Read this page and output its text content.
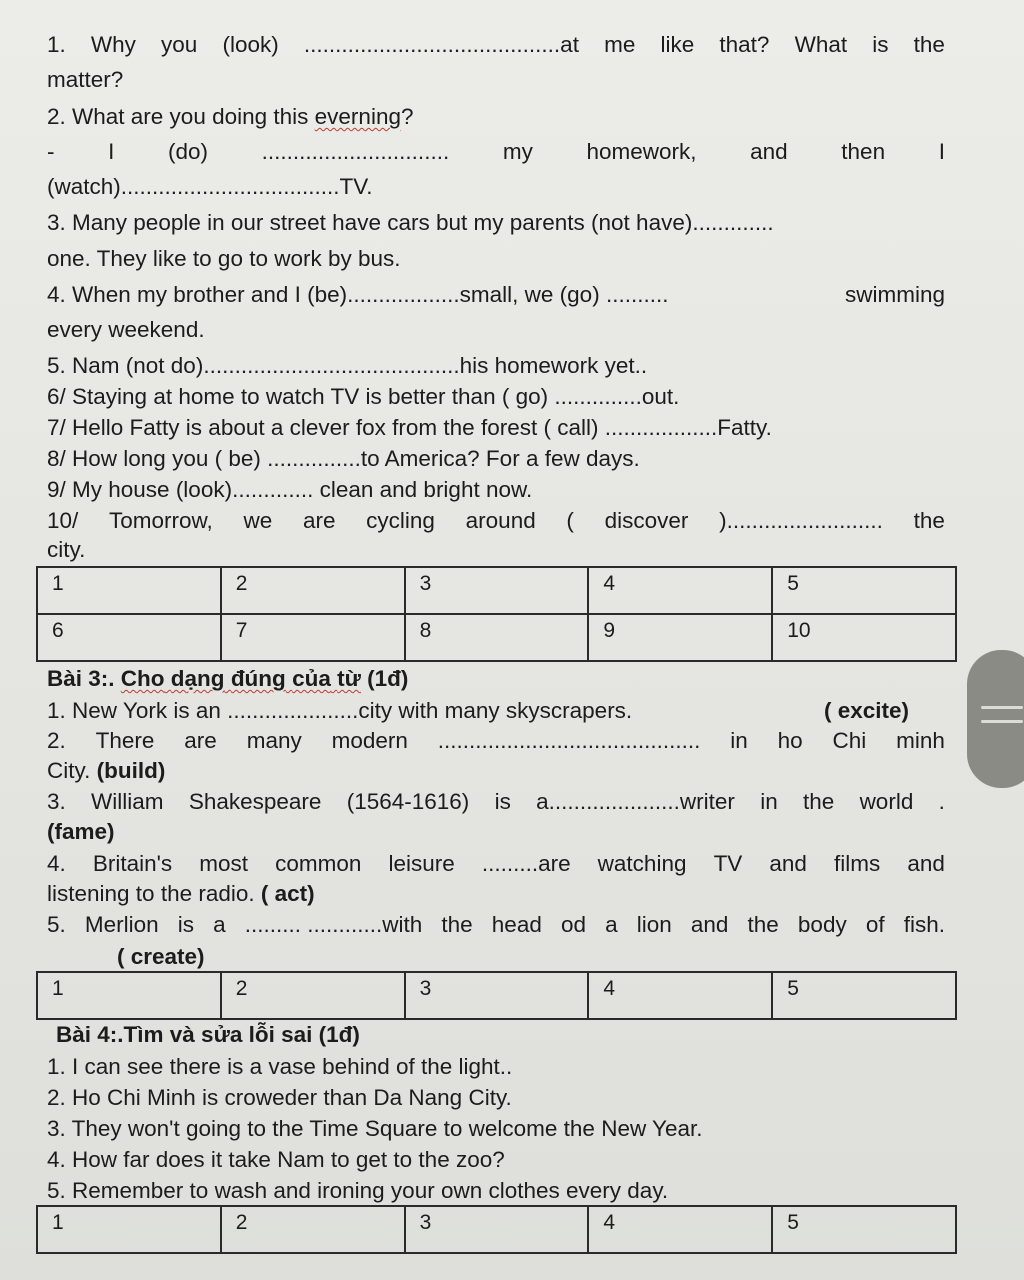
1. Why you (look) .........................................at me like that? What is the
matter?
2. What are you doing this everning?
- I (do) .............................. my homework, and then I
(watch)...................................TV.
3. Many people in our street have cars but my parents (not have).............
one. They like to go to work by bus.
4. When my brother and I (be)..................small, we (go) ..........	swimming
every weekend.
5. Nam (not do).........................................his homework yet..
6/ Staying at home to watch TV is better than ( go) ..............out.
7/ Hello Fatty is about a clever fox from the forest ( call) ..................Fatty.
8/ How long you ( be) ...............to America? For a few days.
9/ My house (look)............. clean and bright now.
10/ Tomorrow, we are cycling around ( discover )......................... the
city.
1	2	3	4	5
6	7	8	9	10
Bài 3:. Cho dạng đúng của từ (1đ)
1. New York is an .....................city with many skyscrapers.	( excite)
2. There are many modern .......................................... in ho Chi minh
City. (build)
3. William Shakespeare (1564-1616) is a.....................writer in the world .
(fame)
4. Britain's most common leisure .........are watching TV and films and
listening to the radio. ( act)
5. Merlion is a ......... ............with the head od a lion and the body of fish.
( create)
1	2	3	4	5
Bài 4:.Tìm và sửa lỗi sai (1đ)
1. I can see there is a vase behind of the light..
2. Ho Chi Minh is croweder than Da Nang City.
3. They won't going to the Time Square to welcome the New Year.
4. How far does it take Nam to get to the zoo?
5. Remember to wash and ironing your own clothes every day.
1	2	3	4	5
